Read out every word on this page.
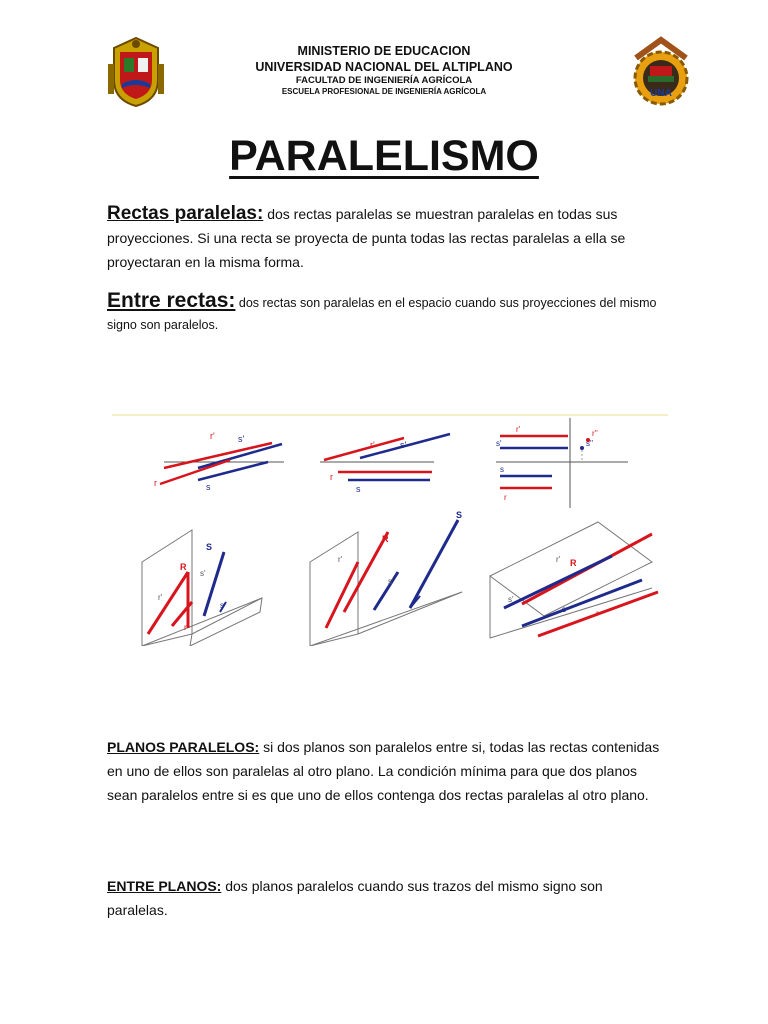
MINISTERIO DE EDUCACION
UNIVERSIDAD NACIONAL DEL ALTIPLANO
FACULTAD DE INGENIERÍA AGRÍCOLA
ESCUELA PROFESIONAL DE INGENIERÍA AGRÍCOLA	UNA
PARALELISMO
Rectas paralelas: dos rectas paralelas se muestran paralelas en todas sus proyecciones. Si una recta se proyecta de punta todas las rectas paralelas a ella se proyectaran en la misma forma.
Entre rectas: dos rectas son paralelas en el espacio cuando sus proyecciones del mismo signo son paralelos.
r'	s'
r	s
r'	s'
r
s
r'
s'
r''
s''
s
r
r'
R
S
s'
r
s
r'
R
S
s'
r' R
s'
s	r
PLANOS PARALELOS: si dos planos son paralelos entre si, todas las rectas contenidas en uno de ellos son paralelas al otro plano. La condición mínima para que dos planos sean paralelos entre si es que uno de ellos contenga dos rectas paralelas al otro plano.
ENTRE PLANOS: dos planos paralelos cuando sus trazos del mismo signo son paralelas.
